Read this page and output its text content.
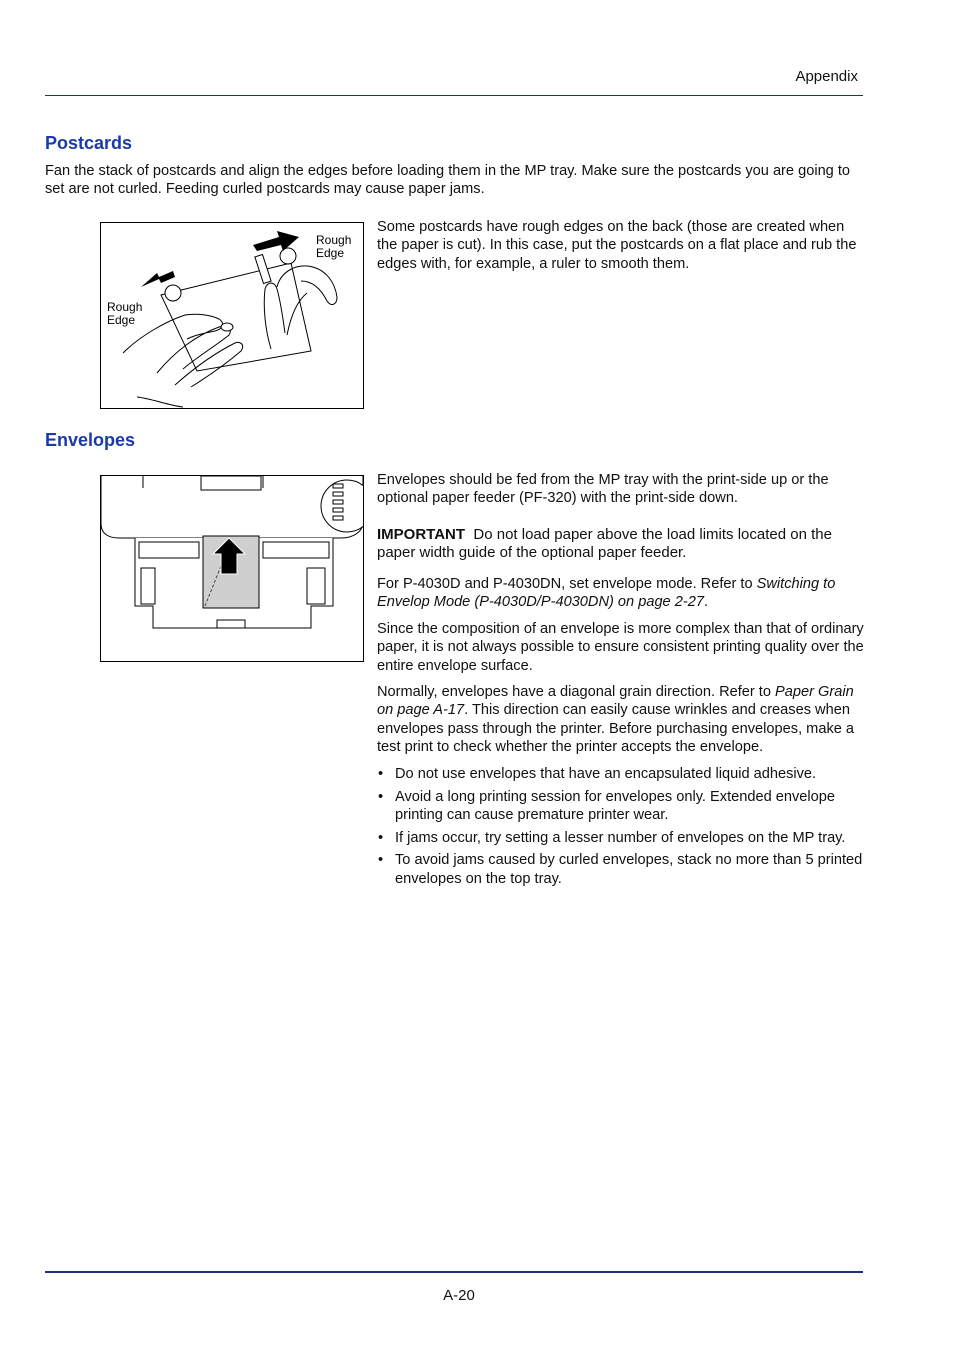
Appendix
Postcards

Fan the stack of postcards and align the edges before loading them in the MP tray. Make sure the postcards you are going to set are not curled. Feeding curled postcards may cause paper jams.

Rough
Edge
Rough
Edge

Some postcards have rough edges on the back (those are created when the paper is cut). In this case, put the postcards on a flat place and rub the edges with, for example, a ruler to smooth them.

Envelopes

Envelopes should be fed from the MP tray with the print-side up or the optional paper feeder (PF-320) with the print-side down.

IMPORTANT Do not load paper above the load limits located on the paper width guide of the optional paper feeder.

For P-4030D and P-4030DN, set envelope mode. Refer to Switching to Envelop Mode (P-4030D/P-4030DN) on page 2-27.

Since the composition of an envelope is more complex than that of ordinary paper, it is not always possible to ensure consistent printing quality over the entire envelope surface.

Normally, envelopes have a diagonal grain direction. Refer to Paper Grain on page A-17. This direction can easily cause wrinkles and creases when envelopes pass through the printer. Before purchasing envelopes, make a test print to check whether the printer accepts the envelope.

• Do not use envelopes that have an encapsulated liquid adhesive.
• Avoid a long printing session for envelopes only. Extended envelope printing can cause premature printer wear.
• If jams occur, try setting a lesser number of envelopes on the MP tray.
• To avoid jams caused by curled envelopes, stack no more than 5 printed envelopes on the top tray.
A-20
